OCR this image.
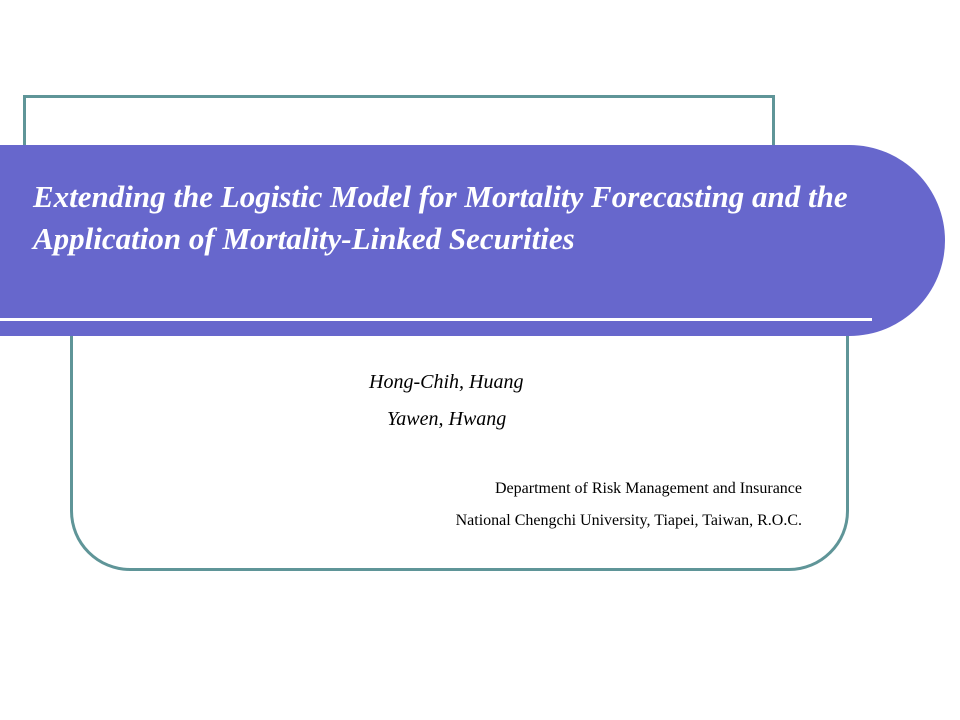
Extending the Logistic Model for Mortality Forecasting and the Application of Mortality-Linked Securities
Hong-Chih, Huang
Yawen, Hwang
Department of Risk Management and Insurance
National Chengchi University, Tiapei, Taiwan, R.O.C.
